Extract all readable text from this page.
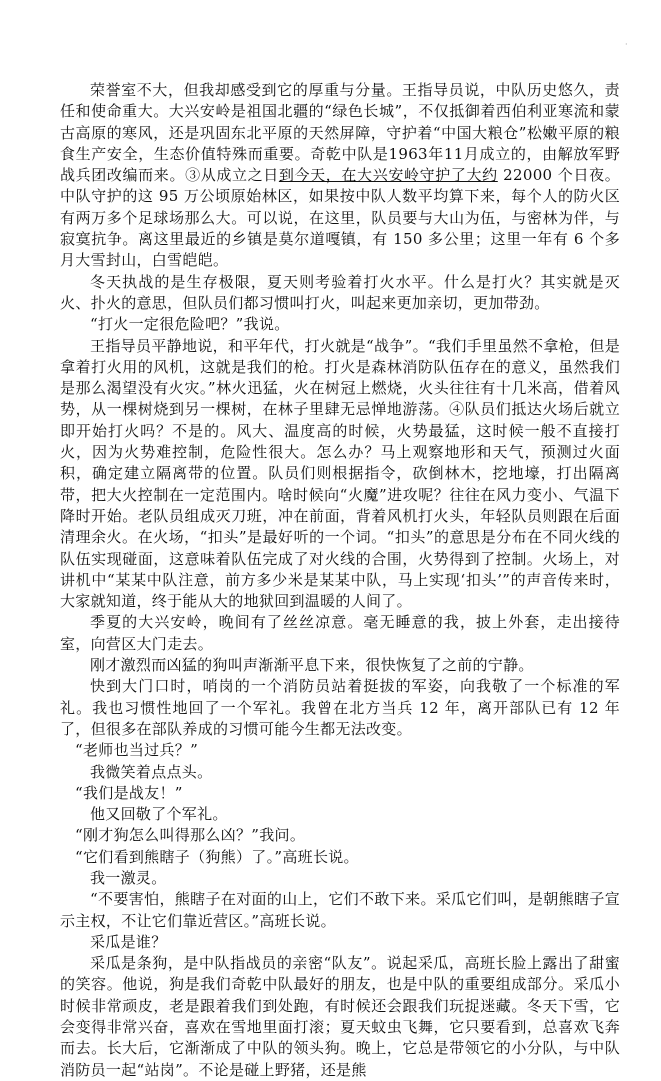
·

荣誉室不大，但我却感受到它的厚重与分量。王指导员说，中队历史悠久，责任和使命重大。大兴安岭是祖国北疆的“绿色长城”，不仅抵御着西伯利亚寒流和蒙古高原的寒风，还是巩固东北平原的天然屏障，守护着“中国大粮仓”松嫩平原的粮食生产安全，生态价值特殊而重要。奇乾中队是1963年11月成立的，由解放军野战兵团改编而来。③从成立之日到今天，在大兴安岭守护了大约 22000 个日夜。中队守护的这 95 万公顷原始林区，如果按中队人数平均算下来，每个人的防火区有两万多个足球场那么大。可以说，在这里，队员要与大山为伍，与密林为伴，与寂寞抗争。离这里最近的乡镇是莫尔道嘎镇，有 150 多公里；这里一年有 6 个多月大雪封山，白雪皑皑。

冬天执战的是生存极限，夏天则考验着打火水平。什么是打火？其实就是灭火、扑火的意思，但队员们都习惯叫打火，叫起来更加亲切，更加带劲。

“打火一定很危险吧？”我说。

王指导员平静地说，和平年代，打火就是“战争”。“我们手里虽然不拿枪，但是拿着打火用的风机，这就是我们的枪。打火是森林消防队伍存在的意义，虽然我们是那么渴望没有火灾。”林火迅猛，火在树冠上燃烧，火头往往有十几米高，借着风势，从一棵树烧到另一棵树，在林子里肆无忌惮地游荡。④队员们抵达火场后就立即开始打火吗？不是的。风大、温度高的时候，火势最猛，这时候一般不直接打火，因为火势难控制，危险性很大。怎么办？马上观察地形和天气，预测过火面积，确定建立隔离带的位置。队员们则根据指令，砍倒林木，挖地壕，打出隔离带，把大火控制在一定范围内。啥时候向“火魔”进攻呢？往往在风力变小、气温下降时开始。老队员组成灭刀班，冲在前面，背着风机打火头，年轻队员则跟在后面清理余火。在火场，“扣头”是最好听的一个词。“扣头”的意思是分布在不同火线的队伍实现碰面，这意味着队伍完成了对火线的合围，火势得到了控制。火场上，对讲机中“某某中队注意，前方多少米是某某中队，马上实现‘扣头’”的声音传来时，大家就知道，终于能从大的地狱回到温暖的人间了。

季夏的大兴安岭，晚间有了丝丝凉意。毫无睡意的我，披上外套，走出接待室，向营区大门走去。

刚才激烈而凶猛的狗叫声渐渐平息下来，很快恢复了之前的宁静。

快到大门口时，哨岗的一个消防员站着挺拔的军姿，向我敬了一个标准的军礼。我也习惯性地回了一个军礼。我曾在北方当兵 12 年，离开部队已有 12 年了，但很多在部队养成的习惯可能今生都无法改变。

“老师也当过兵？”

我微笑着点点头。

“我们是战友！”

他又回敬了个军礼。

“刚才狗怎么叫得那么凶？”我问。

“它们看到熊瞎子（狗熊）了。”高班长说。

我一激灵。

“不要害怕，熊瞎子在对面的山上，它们不敢下来。采瓜它们叫，是朝熊瞎子宣示主权，不让它们靠近营区。”高班长说。

采瓜是谁？

采瓜是条狗，是中队指战员的亲密“队友”。说起采瓜，高班长脸上露出了甜蜜的笑容。他说，狗是我们奇乾中队最好的朋友，也是中队的重要组成部分。采瓜小时候非常顽皮，老是跟着我们到处跑，有时候还会跟我们玩捉迷藏。冬天下雪，它会变得非常兴奋，喜欢在雪地里面打滚；夏天蚊虫飞舞，它只要看到，总喜欢飞奔而去。长大后，它渐渐成了中队的领头狗。晚上，它总是带领它的小分队，与中队消防员一起“站岗”。不论是碰上野猪，还是熊
